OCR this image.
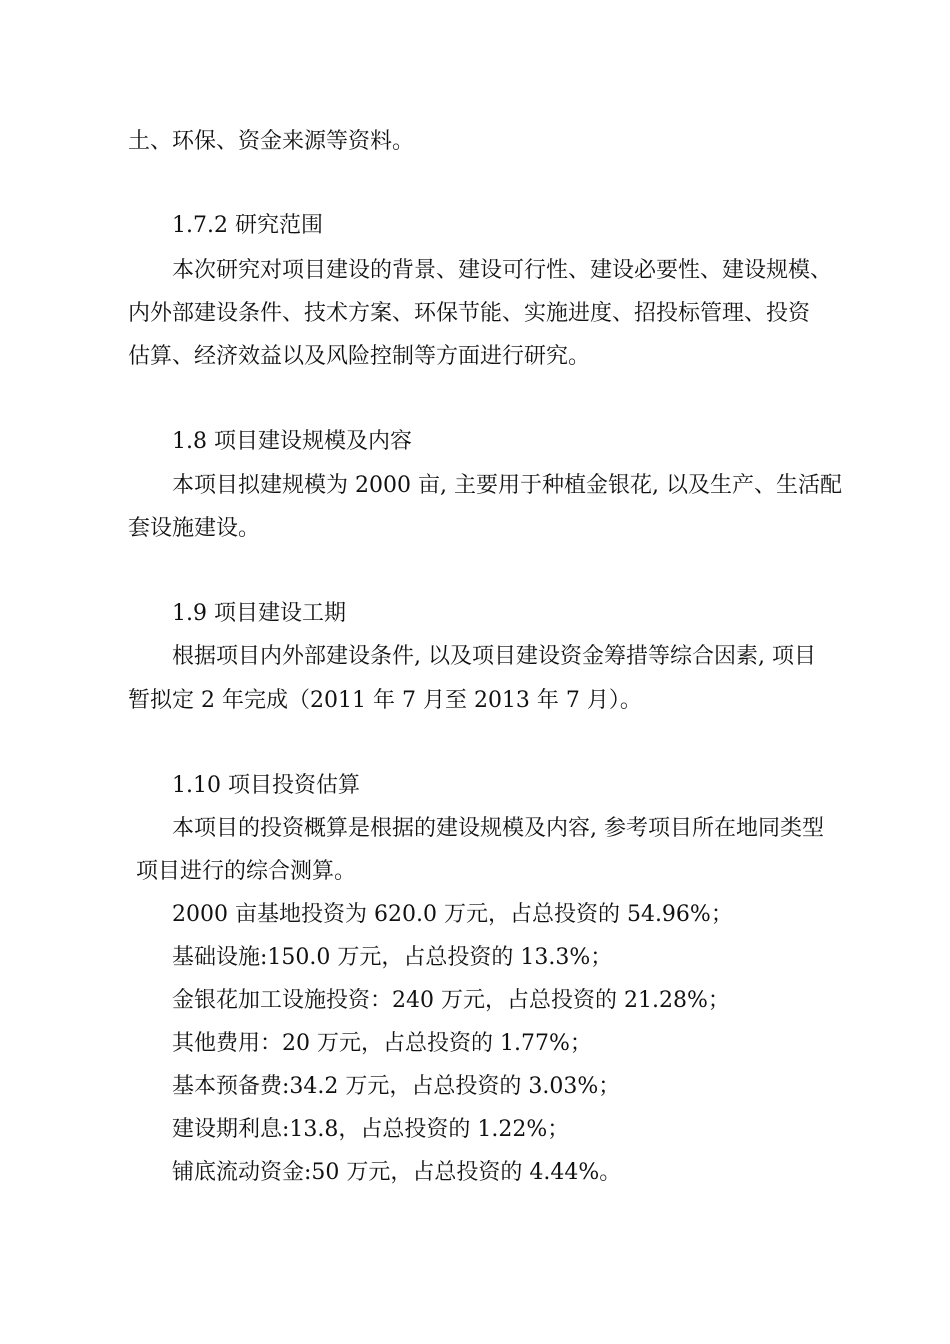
土、环保、资金来源等资料。

1.7.2 研究范围

本次研究对项目建设的背景、建设可行性、建设必要性、建设规模、

内外部建设条件、技术方案、环保节能、实施进度、招投标管理、投资

估算、经济效益以及风险控制等方面进行研究。

1.8 项目建设规模及内容

本项目拟建规模为 2000 亩, 主要用于种植金银花, 以及生产、生活配

套设施建设。

1.9 项目建设工期

根据项目内外部建设条件, 以及项目建设资金筹措等综合因素, 项目

暂拟定 2 年完成（2011 年 7 月至 2013 年 7 月）。

1.10 项目投资估算

本项目的投资概算是根据的建设规模及内容, 参考项目所在地同类型

项目进行的综合测算。

2000 亩基地投资为 620.0 万元，占总投资的 54.96%；

基础设施:150.0 万元，占总投资的 13.3%；

金银花加工设施投资：240 万元，占总投资的 21.28%；

其他费用：20 万元，占总投资的 1.77%；

基本预备费:34.2 万元，占总投资的 3.03%；

建设期利息:13.8，占总投资的 1.22%；

铺底流动资金:50 万元，占总投资的 4.44%。
